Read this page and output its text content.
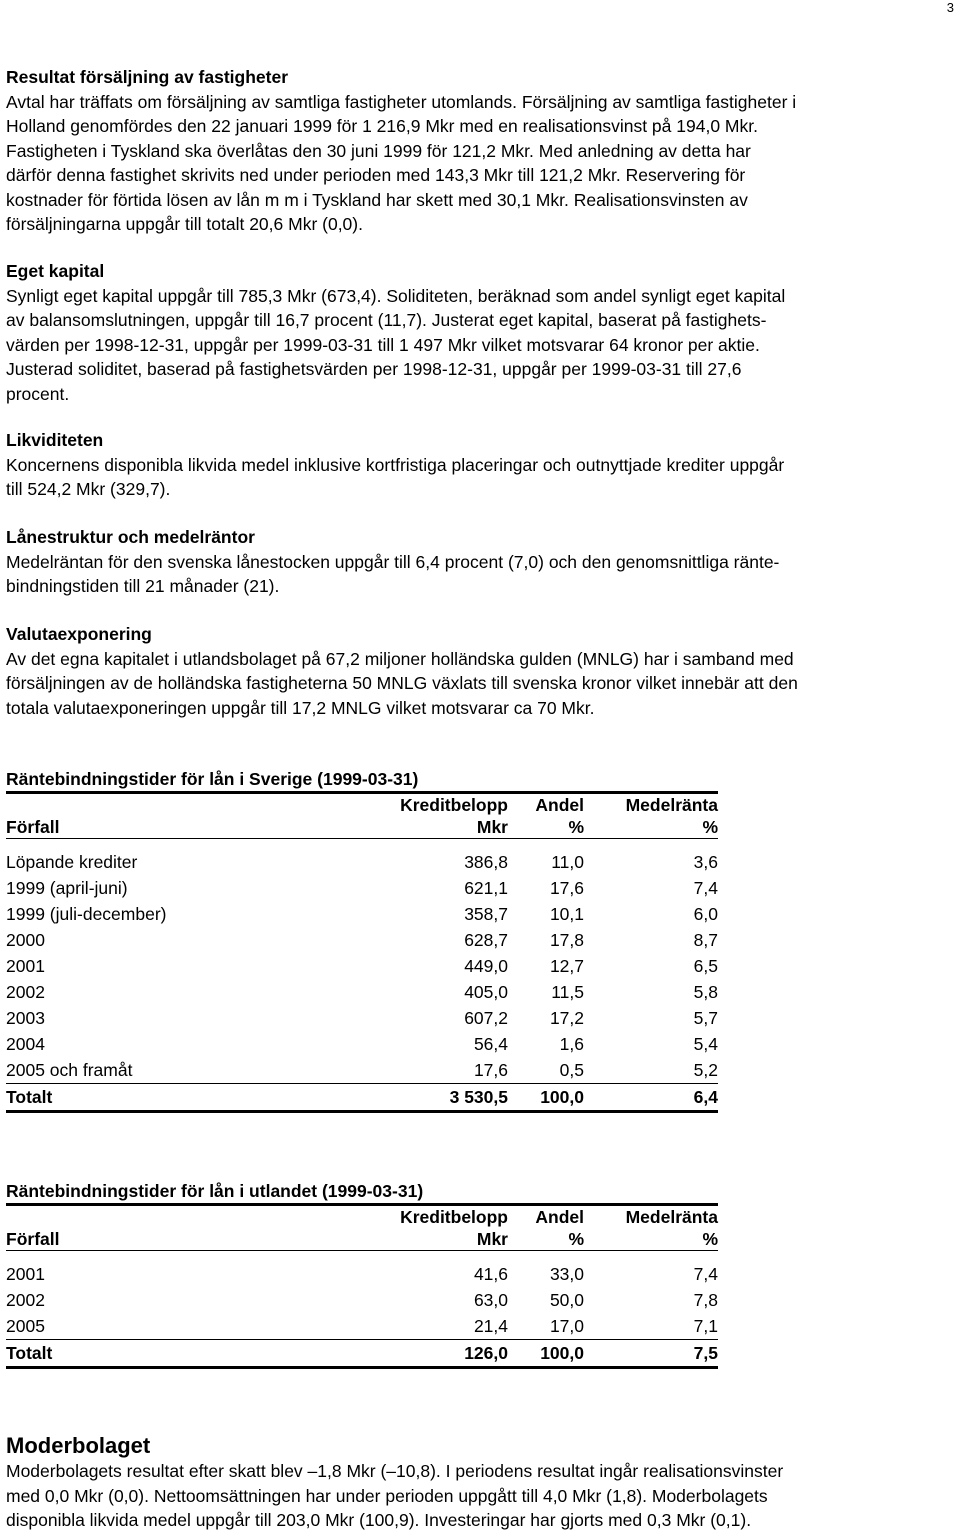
3

Resultat försäljning av fastigheter

Avtal har träffats om försäljning av samtliga fastigheter utomlands. Försäljning av samtliga fastigheter i

Holland genomfördes den 22 januari 1999 för 1 216,9 Mkr med en realisationsvinst på 194,0 Mkr.

Fastigheten i Tyskland ska överlåtas den 30 juni 1999 för 121,2 Mkr. Med anledning av detta har

därför denna fastighet skrivits ned under perioden med 143,3 Mkr till 121,2 Mkr. Reservering för

kostnader för förtida lösen av lån m m i Tyskland har skett med 30,1 Mkr. Realisationsvinsten av

försäljningarna uppgår till totalt 20,6 Mkr (0,0).

Eget kapital

Synligt eget kapital uppgår till 785,3 Mkr (673,4). Soliditeten, beräknad som andel synligt eget kapital

av balansomslutningen, uppgår till 16,7 procent (11,7). Justerat eget kapital, baserat på fastighets-

värden per 1998-12-31, uppgår per 1999-03-31 till 1 497 Mkr vilket motsvarar 64 kronor per aktie.

Justerad soliditet, baserad på fastighetsvärden per 1998-12-31, uppgår per 1999-03-31 till 27,6

procent.

Likviditeten

Koncernens disponibla likvida medel inklusive kortfristiga placeringar och outnyttjade krediter uppgår

till 524,2 Mkr (329,7).

Lånestruktur och medelräntor

Medelräntan för den svenska lånestocken uppgår till 6,4 procent (7,0) och den genomsnittliga ränte-

bindningstiden till 21 månader (21).

Valutaexponering

Av det egna kapitalet i utlandsbolaget på 67,2 miljoner holländska gulden (MNLG) har i samband med

försäljningen av de holländska fastigheterna 50 MNLG växlats till svenska kronor vilket innebär att den

totala valutaexponeringen uppgår till 17,2 MNLG vilket motsvarar ca 70 Mkr.

Räntebindningstider för lån i Sverige (1999-03-31)
	Kreditbelopp	Andel	Medelränta
Förfall	Mkr	%	%

Löpande krediter	386,8	11,0	3,6
1999 (april-juni)	621,1	17,6	7,4
1999 (juli-december)	358,7	10,1	6,0
2000	628,7	17,8	8,7
2001	449,0	12,7	6,5
2002	405,0	11,5	5,8
2003	607,2	17,2	5,7
2004	56,4	1,6	5,4
2005 och framåt	17,6	0,5	5,2
Totalt	3 530,5	100,0	6,4
Räntebindningstider för lån i utlandet (1999-03-31)
	Kreditbelopp	Andel	Medelränta
Förfall	Mkr	%	%

2001	41,6	33,0	7,4
2002	63,0	50,0	7,8
2005	21,4	17,0	7,1
Totalt	126,0	100,0	7,5

Moderbolaget

Moderbolagets resultat efter skatt blev –1,8 Mkr (–10,8). I periodens resultat ingår realisationsvinster

med 0,0 Mkr (0,0). Nettoomsättningen har under perioden uppgått till 4,0 Mkr (1,8). Moderbolagets

disponibla likvida medel uppgår till 203,0 Mkr (100,9). Investeringar har gjorts med 0,3 Mkr (0,1).
